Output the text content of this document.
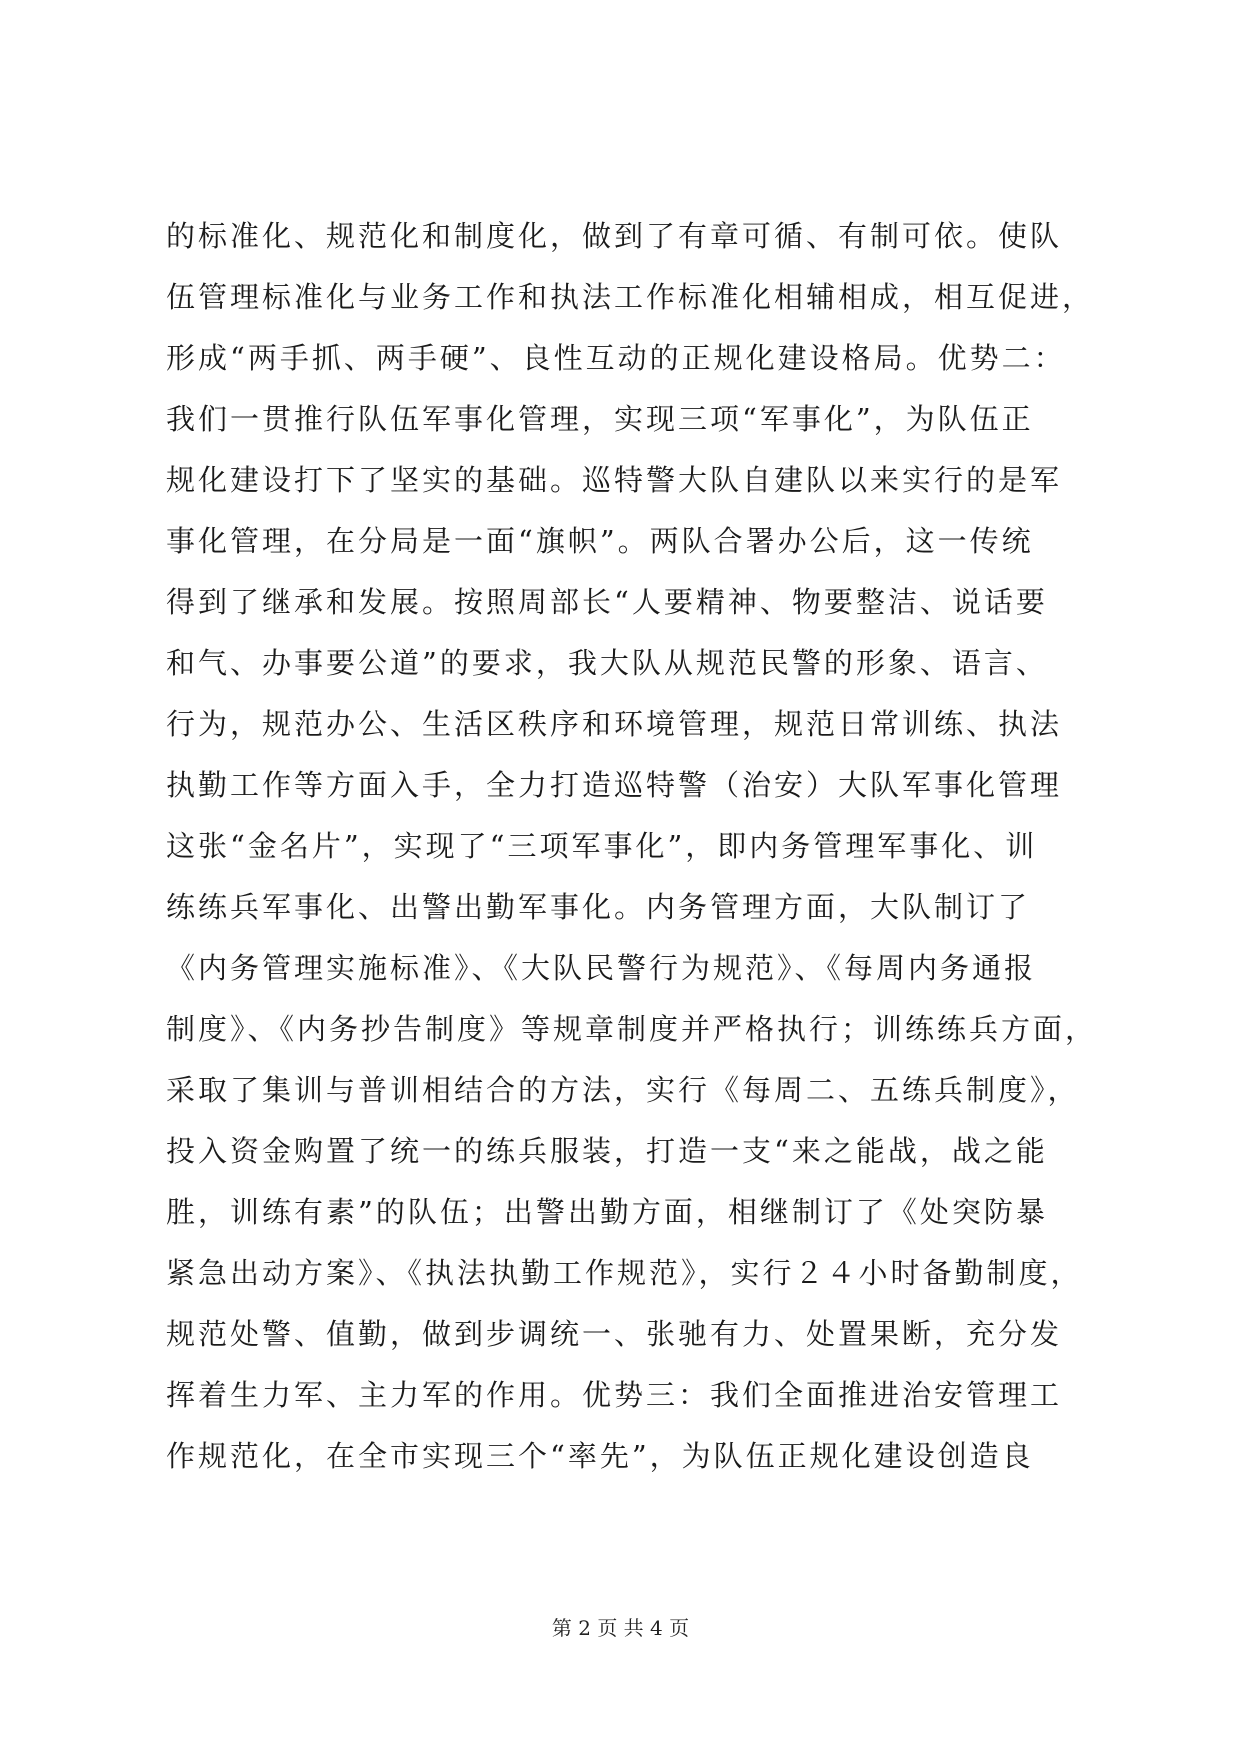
的标准化、规范化和制度化，做到了有章可循、有制可依。使队
伍管理标准化与业务工作和执法工作标准化相辅相成，相互促进，
形成“两手抓、两手硬”、良性互动的正规化建设格局。优势二：
我们一贯推行队伍军事化管理，实现三项“军事化”，为队伍正
规化建设打下了坚实的基础。巡特警大队自建队以来实行的是军
事化管理，在分局是一面“旗帜”。两队合署办公后，这一传统
得到了继承和发展。按照周部长“人要精神、物要整洁、说话要
和气、办事要公道”的要求，我大队从规范民警的形象、语言、
行为，规范办公、生活区秩序和环境管理，规范日常训练、执法
执勤工作等方面入手，全力打造巡特警（治安）大队军事化管理
这张“金名片”，实现了“三项军事化”，即内务管理军事化、训
练练兵军事化、出警出勤军事化。内务管理方面，大队制订了
《内务管理实施标准》、《大队民警行为规范》、《每周内务通报
制度》、《内务抄告制度》等规章制度并严格执行；训练练兵方面，
采取了集训与普训相结合的方法，实行《每周二、五练兵制度》，
投入资金购置了统一的练兵服装，打造一支“来之能战，战之能
胜，训练有素”的队伍；出警出勤方面，相继制订了《处突防暴
紧急出动方案》、《执法执勤工作规范》，实行２４小时备勤制度，
规范处警、值勤，做到步调统一、张驰有力、处置果断，充分发
挥着生力军、主力军的作用。优势三：我们全面推进治安管理工
作规范化，在全市实现三个“率先”，为队伍正规化建设创造良
第 2 页 共 4 页
